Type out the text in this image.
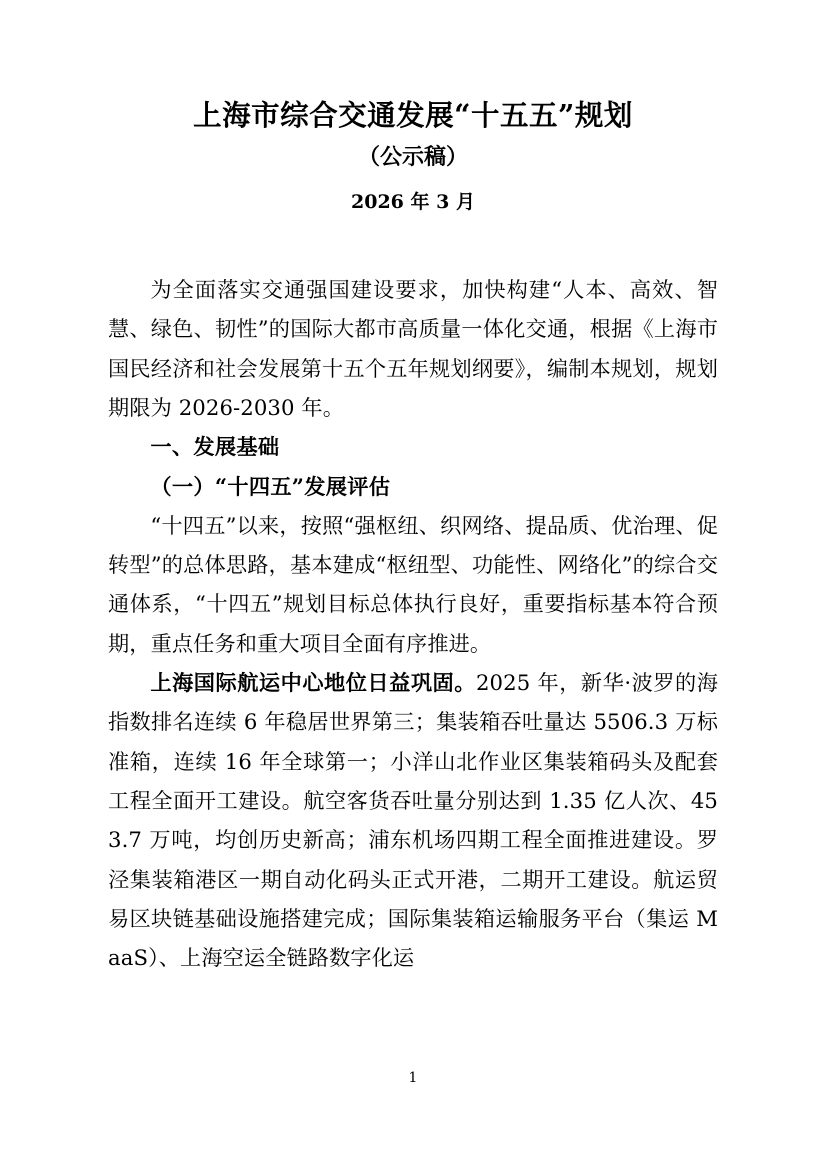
上海市综合交通发展“十五五”规划

（公示稿）

2026 年 3 月

为全面落实交通强国建设要求，加快构建“人本、高效、智慧、绿色、韧性”的国际大都市高质量一体化交通，根据《上海市国民经济和社会发展第十五个五年规划纲要》，编制本规划，规划期限为 2026-2030 年。

一、发展基础

（一）“十四五”发展评估

“十四五”以来，按照“强枢纽、织网络、提品质、优治理、促转型”的总体思路，基本建成“枢纽型、功能性、网络化”的综合交通体系，“十四五”规划目标总体执行良好，重要指标基本符合预期，重点任务和重大项目全面有序推进。

上海国际航运中心地位日益巩固。2025 年，新华·波罗的海指数排名连续 6 年稳居世界第三；集装箱吞吐量达 5506.3 万标准箱，连续 16 年全球第一；小洋山北作业区集装箱码头及配套工程全面开工建设。航空客货吞吐量分别达到 1.35 亿人次、453.7 万吨，均创历史新高；浦东机场四期工程全面推进建设。罗泾集装箱港区一期自动化码头正式开港，二期开工建设。航运贸易区块链基础设施搭建完成；国际集装箱运输服务平台（集运 MaaS）、上海空运全链路数字化运

1
